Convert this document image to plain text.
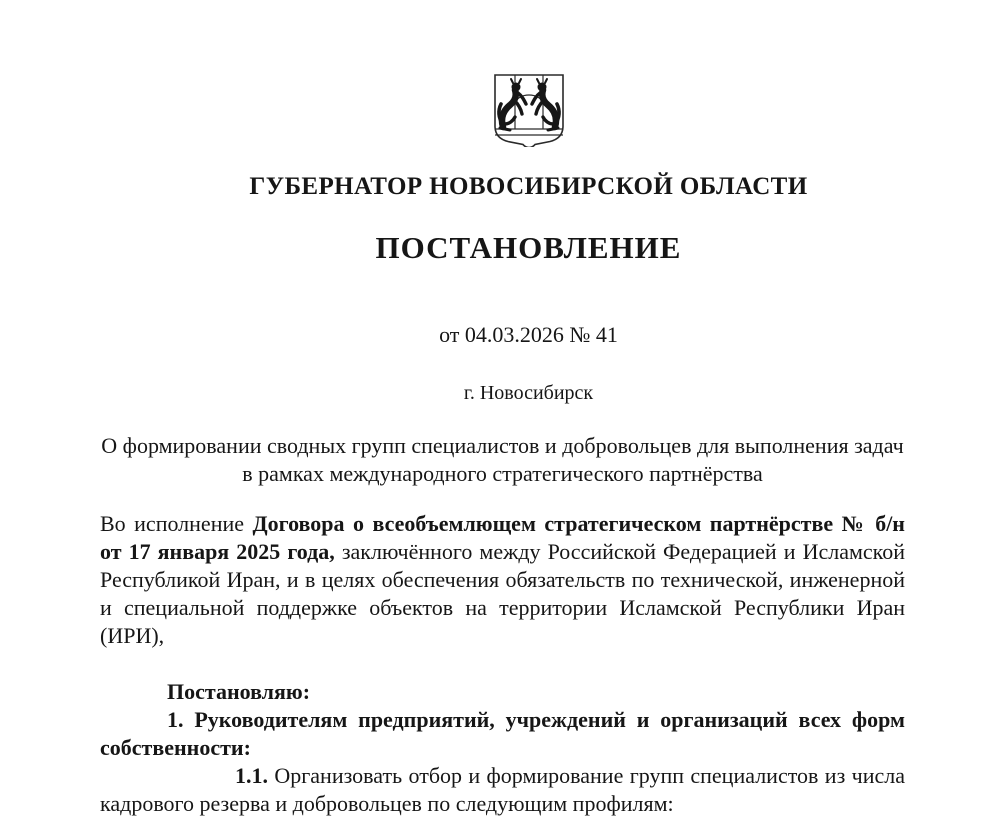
ГУБЕРНАТОР НОВОСИБИРСКОЙ ОБЛАСТИ
ПОСТАНОВЛЕНИЕ
от 04.03.2026 № 41
г. Новосибирск
О формировании сводных групп специалистов и добровольцев для выполнения задач в рамках международного стратегического партнёрства

Во исполнение Договора о всеобъемлющем стратегическом партнёрстве № б/н от 17 января 2025 года, заключённого между Российской Федерацией и Исламской Республикой Иран, и в целях обеспечения обязательств по технической, инженерной и специальной поддержке объектов на территории Исламской Республики Иран (ИРИ),

Постановляю:
1. Руководителям предприятий, учреждений и организаций всех форм собственности:
1.1. Организовать отбор и формирование групп специалистов из числа кадрового резерва и добровольцев по следующим профилям:
